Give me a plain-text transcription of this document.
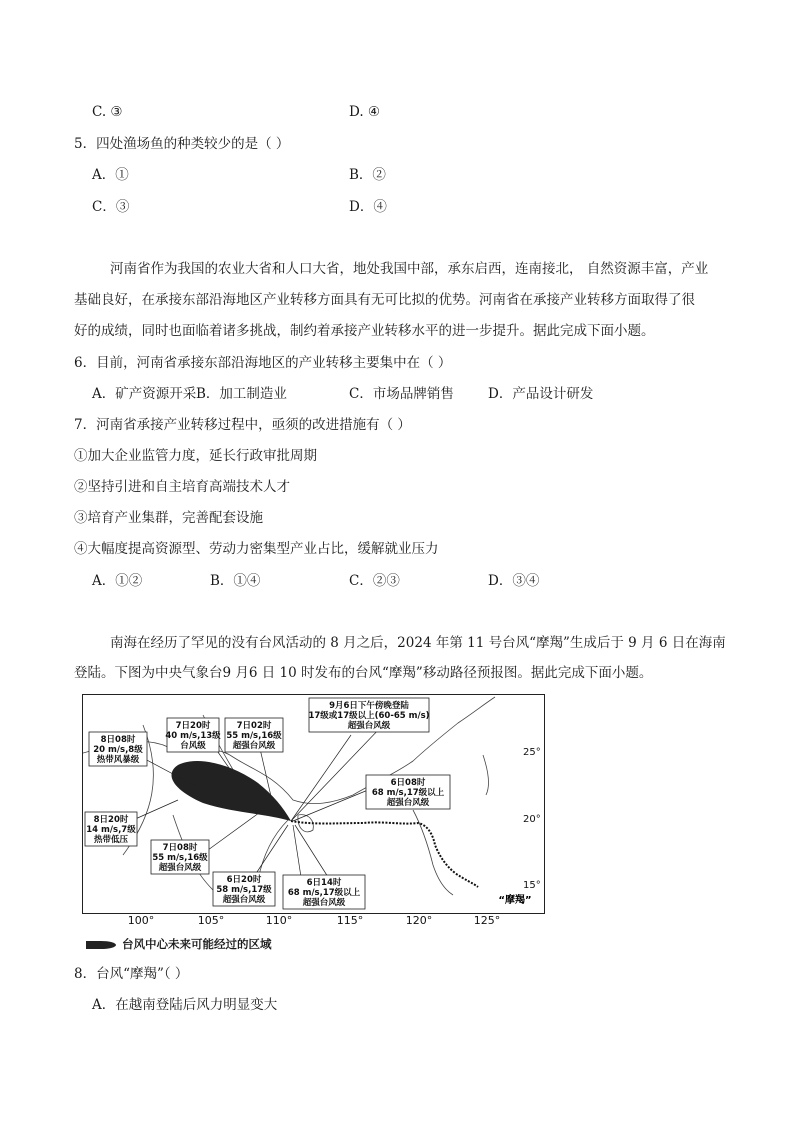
C. ③	D. ④
5．四处渔场鱼的种类较少的是（ ）
A．①	B．②
C．③	D．④
河南省作为我国的农业大省和人口大省，地处我国中部，承东启西，连南接北， 自然资源丰富，产业
基础良好，在承接东部沿海地区产业转移方面具有无可比拟的优势。河南省在承接产业转移方面取得了很
好的成绩，同时也面临着诸多挑战，制约着承接产业转移水平的进一步提升。据此完成下面小题。
6．目前，河南省承接东部沿海地区的产业转移主要集中在（ ）
A．矿产资源开采 B．加工制造业	C．市场品牌销售	D．产品设计研发
7．河南省承接产业转移过程中，亟须的改进措施有（ ）
①加大企业监管力度，延长行政审批周期
②坚持引进和自主培育高端技术人才
③培育产业集群，完善配套设施
④大幅度提高资源型、劳动力密集型产业占比，缓解就业压力
A．①②	B．①④	C．②③	D．③④
南海在经历了罕见的没有台风活动的 8 月之后，2024 年第 11 号台风“摩羯”生成后于 9 月 6 日在海南
登陆。下图为中央气象台9 月6 日 10 时发布的台风“摩羯”移动路径预报图。据此完成下面小题。
8日08时
20 m/s,8级
热带风暴级
7日20时
40 m/s,13级
台风级
7日02时
55 m/s,16级
超强台风级
9月6日下午傍晚登陆
17级或17级以上(60-65 m/s)
超强台风级
6日08时
68 m/s,17级以上
超强台风级
8日20时
14 m/s,7级
热带低压
7日08时
55 m/s,16级
超强台风级
6日20时
58 m/s,17级
超强台风级
6日14时
68 m/s,17级以上
超强台风级	“摩羯”
25°
20°
15°
100°	105°	110°	115°	120°	125°
台风中心未来可能经过的区域
8．台风“摩羯”（ ）
A．在越南登陆后风力明显变大
